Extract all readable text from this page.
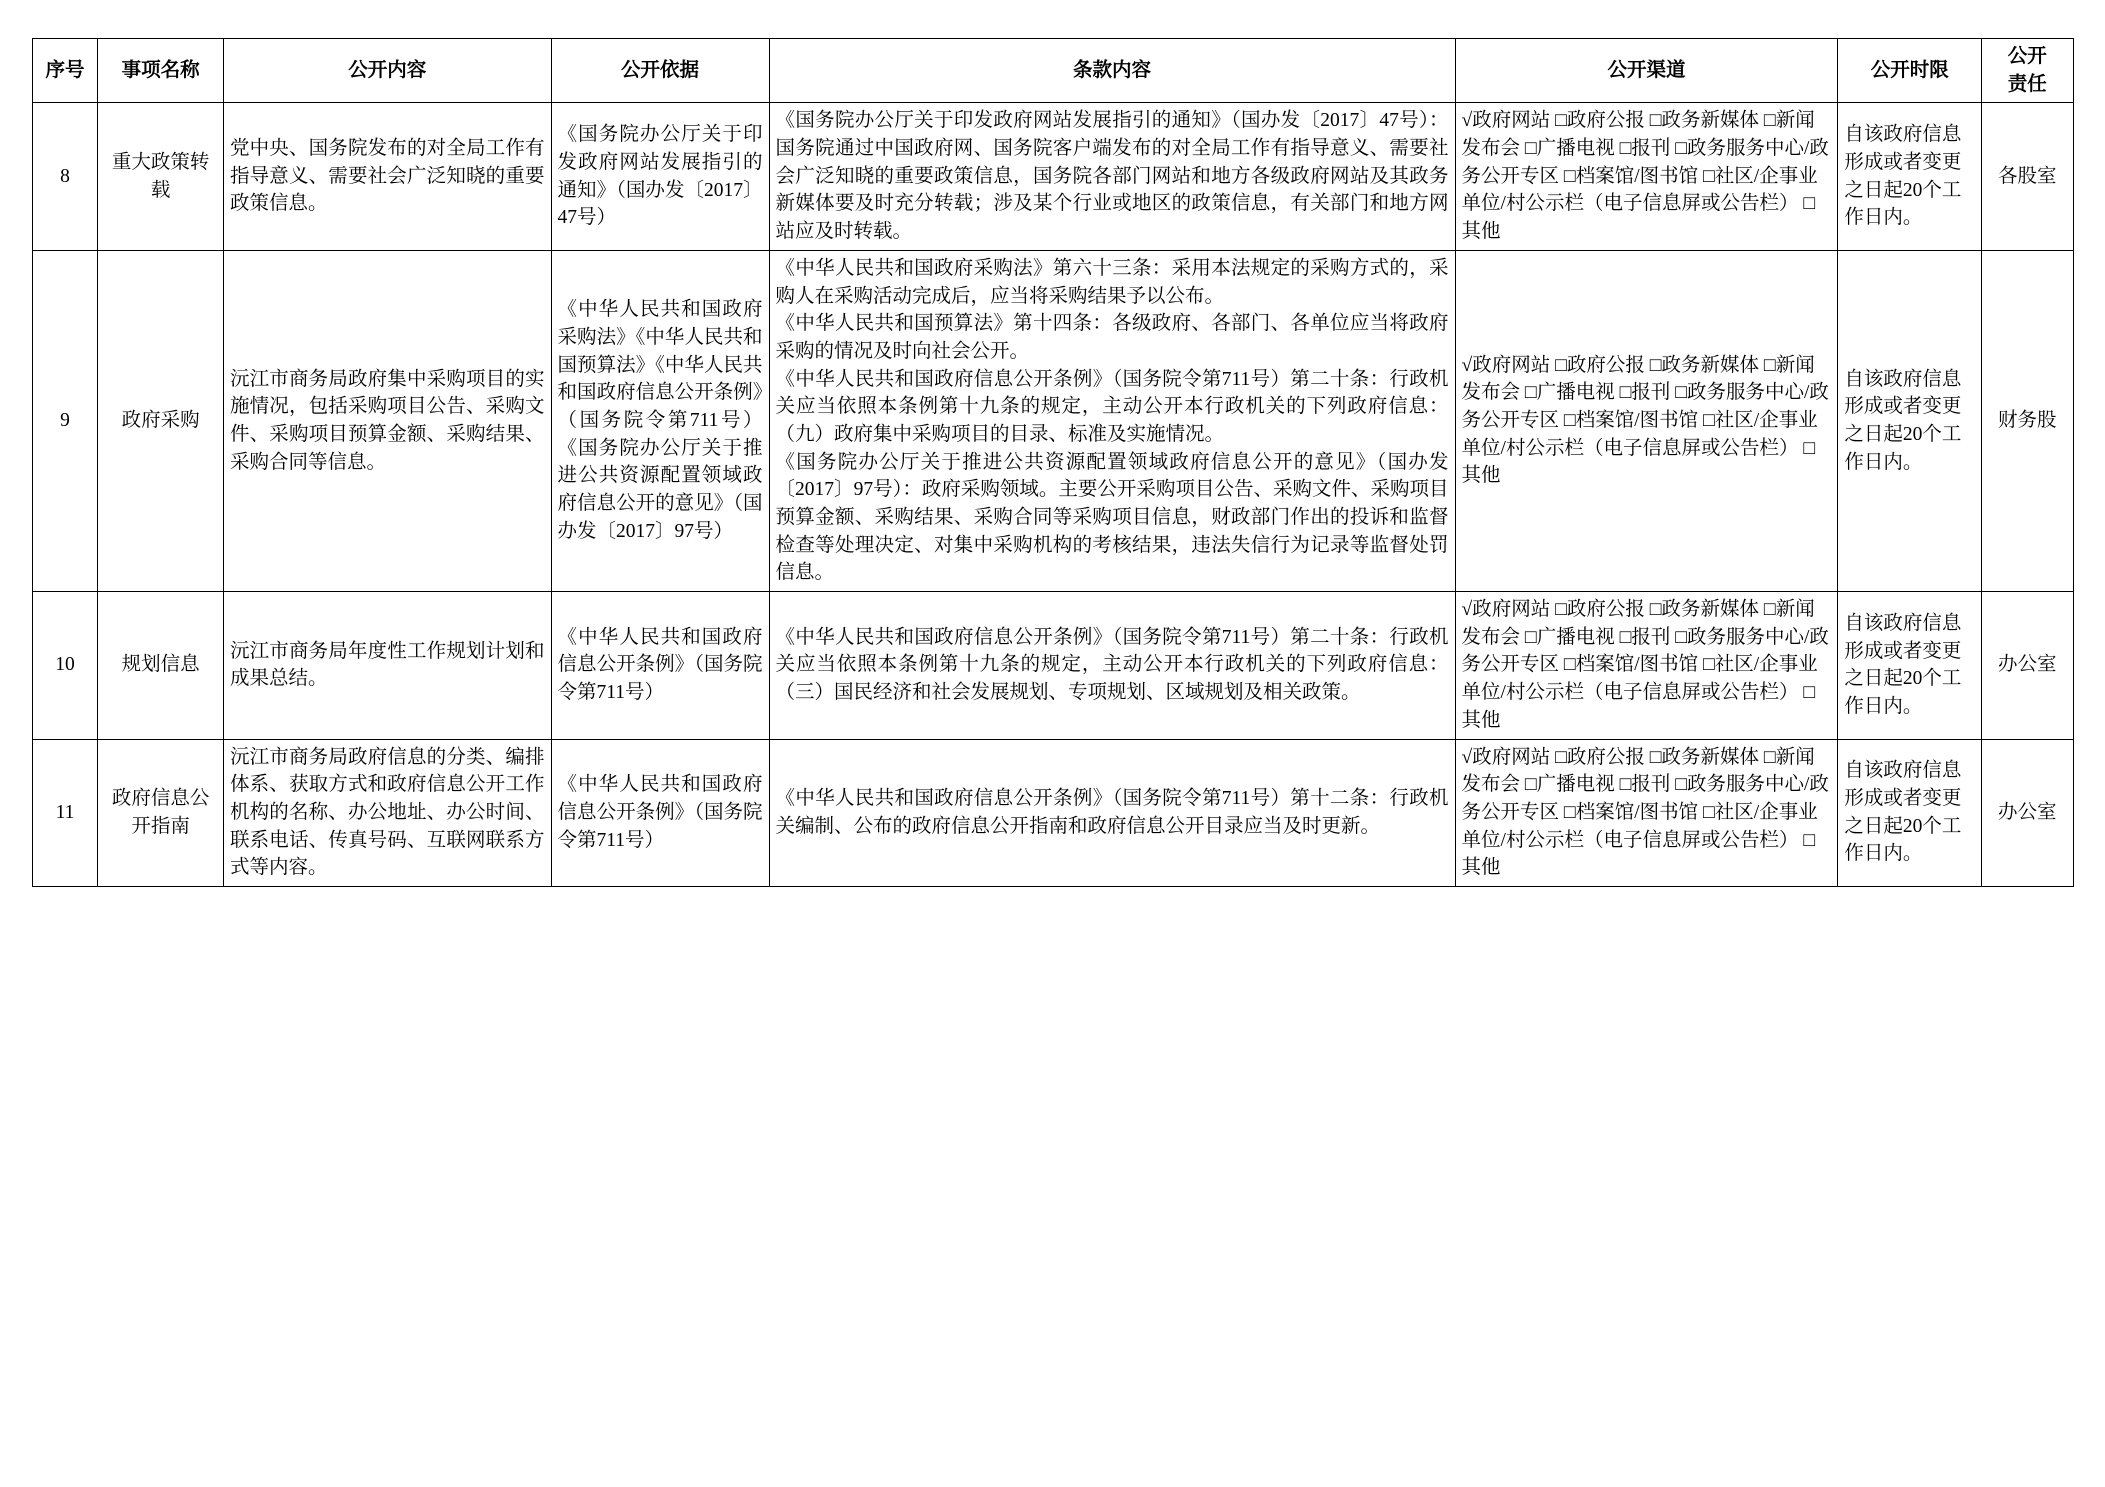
序号	事项名称	公开内容	公开依据	条款内容	公开渠道	公开时限	公开
责任

8	重大政策转载	党中央、国务院发布的对全局工作有指导意义、需要社会广泛知晓的重要政策信息。	《国务院办公厅关于印发政府网站发展指引的通知》（国办发〔2017〕47号）	《国务院办公厅关于印发政府网站发展指引的通知》（国办发〔2017〕47号）：国务院通过中国政府网、国务院客户端发布的对全局工作有指导意义、需要社会广泛知晓的重要政策信息，国务院各部门网站和地方各级政府网站及其政务新媒体要及时充分转载；涉及某个行业或地区的政策信息，有关部门和地方网站应及时转载。	√政府网站 □政府公报 □政务新媒体 □新闻发布会 □广播电视 □报刊 □政务服务中心/政务公开专区 □档案馆/图书馆 □社区/企事业单位/村公示栏（电子信息屏或公告栏） □其他	自该政府信息形成或者变更之日起20个工作日内。	各股室
9	政府采购	沅江市商务局政府集中采购项目的实施情况，包括采购项目公告、采购文件、采购项目预算金额、采购结果、采购合同等信息。	《中华人民共和国政府采购法》《中华人民共和国预算法》《中华人民共和国政府信息公开条例》（国务院令第711号）《国务院办公厅关于推进公共资源配置领域政府信息公开的意见》（国办发〔2017〕97号）	《中华人民共和国政府采购法》第六十三条：采用本法规定的采购方式的，采购人在采购活动完成后，应当将采购结果予以公布。
《中华人民共和国预算法》第十四条：各级政府、各部门、各单位应当将政府采购的情况及时向社会公开。
《中华人民共和国政府信息公开条例》（国务院令第711号）第二十条：行政机关应当依照本条例第十九条的规定，主动公开本行政机关的下列政府信息：（九）政府集中采购项目的目录、标准及实施情况。
《国务院办公厅关于推进公共资源配置领域政府信息公开的意见》（国办发〔2017〕97号）：政府采购领域。主要公开采购项目公告、采购文件、采购项目预算金额、采购结果、采购合同等采购项目信息，财政部门作出的投诉和监督检查等处理决定、对集中采购机构的考核结果，违法失信行为记录等监督处罚信息。	√政府网站 □政府公报 □政务新媒体 □新闻发布会 □广播电视 □报刊 □政务服务中心/政务公开专区 □档案馆/图书馆 □社区/企事业单位/村公示栏（电子信息屏或公告栏） □其他	自该政府信息形成或者变更之日起20个工作日内。	财务股
10	规划信息	沅江市商务局年度性工作规划计划和成果总结。	《中华人民共和国政府信息公开条例》（国务院令第711号）	《中华人民共和国政府信息公开条例》（国务院令第711号）第二十条：行政机关应当依照本条例第十九条的规定，主动公开本行政机关的下列政府信息：（三）国民经济和社会发展规划、专项规划、区域规划及相关政策。	√政府网站 □政府公报 □政务新媒体 □新闻发布会 □广播电视 □报刊 □政务服务中心/政务公开专区 □档案馆/图书馆 □社区/企事业单位/村公示栏（电子信息屏或公告栏） □其他	自该政府信息形成或者变更之日起20个工作日内。	办公室
11	政府信息公开指南	沅江市商务局政府信息的分类、编排体系、获取方式和政府信息公开工作机构的名称、办公地址、办公时间、联系电话、传真号码、互联网联系方式等内容。	《中华人民共和国政府信息公开条例》（国务院令第711号）	《中华人民共和国政府信息公开条例》（国务院令第711号）第十二条：行政机关编制、公布的政府信息公开指南和政府信息公开目录应当及时更新。	√政府网站 □政府公报 □政务新媒体 □新闻发布会 □广播电视 □报刊 □政务服务中心/政务公开专区 □档案馆/图书馆 □社区/企事业单位/村公示栏（电子信息屏或公告栏） □其他	自该政府信息形成或者变更之日起20个工作日内。	办公室
